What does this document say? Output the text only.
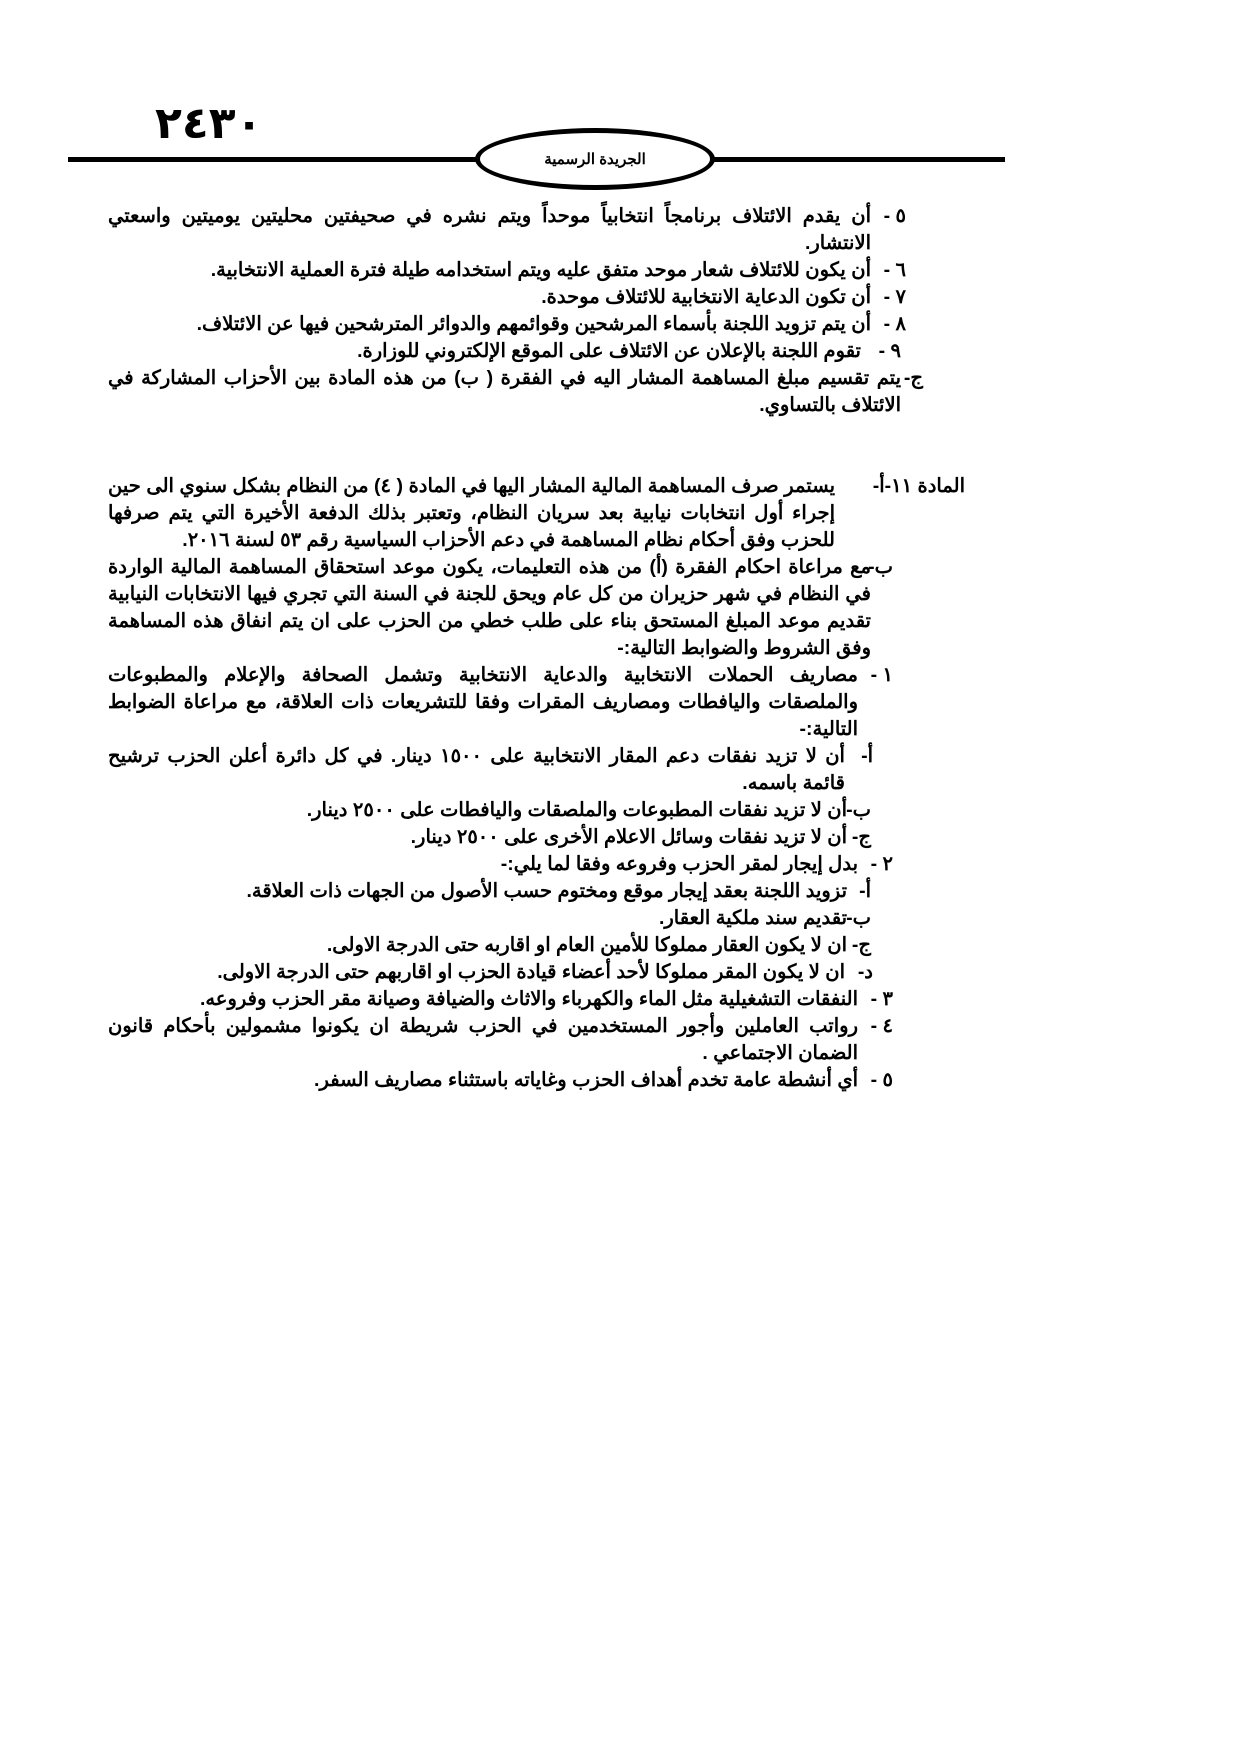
٢٤٣٠
الجريدة الرسمية
٥ -
أن يقدم الائتلاف برنامجاً انتخابياً موحداً ويتم نشره في صحيفتين محليتين يوميتين واسعتي الانتشار.
٦ -
أن يكون للائتلاف شعار موحد متفق عليه ويتم استخدامه طيلة فترة العملية الانتخابية.
٧ -
أن تكون الدعاية الانتخابية للائتلاف موحدة.
٨ -
أن يتم تزويد اللجنة بأسماء المرشحين وقوائمهم والدوائر المترشحين فيها عن الائتلاف.
٩ -
تقوم اللجنة بالإعلان عن الائتلاف على الموقع الإلكتروني للوزارة.
ج-
يتم تقسيم مبلغ المساهمة المشار اليه في الفقرة ( ب) من هذه المادة بين الأحزاب المشاركة في الائتلاف بالتساوي.
المادة ١١-أ-
يستمر صرف المساهمة المالية المشار اليها في المادة ( ٤) من النظام بشكل سنوي الى حين إجراء أول انتخابات نيابية بعد سريان النظام، وتعتبر بذلك الدفعة الأخيرة التي يتم صرفها للحزب وفق أحكام نظام المساهمة في دعم الأحزاب السياسية رقم ٥٣ لسنة ٢٠١٦.
ب-
مع مراعاة احكام الفقرة (أ) من هذه التعليمات، يكون موعد استحقاق المساهمة المالية الواردة في النظام في شهر حزيران من كل عام ويحق للجنة في السنة التي تجري فيها الانتخابات النيابية تقديم موعد المبلغ المستحق بناء على طلب خطي من الحزب على ان يتم انفاق هذه المساهمة وفق الشروط والضوابط التالية:-
١ -
مصاريف الحملات الانتخابية والدعاية الانتخابية وتشمل الصحافة والإعلام والمطبوعات والملصقات واليافطات ومصاريف المقرات وفقا للتشريعات ذات العلاقة، مع مراعاة الضوابط التالية:-
أ-
أن لا تزيد نفقات دعم المقار الانتخابية على ١٥٠٠ دينار. في كل دائرة أعلن الحزب ترشيح قائمة باسمه.
ب-
أن لا تزيد نفقات المطبوعات والملصقات واليافطات على ٢٥٠٠ دينار.
ج-
أن لا تزيد نفقات وسائل الاعلام الأخرى على ٢٥٠٠ دينار.
٢ -
بدل إيجار لمقر الحزب وفروعه وفقا لما يلي:-
أ-
تزويد اللجنة بعقد إيجار موقع ومختوم حسب الأصول من الجهات ذات العلاقة.
ب-
تقديم سند ملكية العقار.
ج-
ان لا يكون العقار مملوكا للأمين العام او اقاربه حتى الدرجة الاولى.
د-
ان لا يكون المقر مملوكا لأحد أعضاء قيادة الحزب او اقاربهم حتى الدرجة الاولى.
٣ -
النفقات التشغيلية مثل الماء والكهرباء والاثاث والضيافة وصيانة مقر الحزب وفروعه.
٤ -
رواتب العاملين وأجور المستخدمين في الحزب شريطة ان يكونوا مشمولين بأحكام قانون الضمان الاجتماعي .
٥ -
أي أنشطة عامة تخدم أهداف الحزب وغاياته باستثناء مصاريف السفر.
